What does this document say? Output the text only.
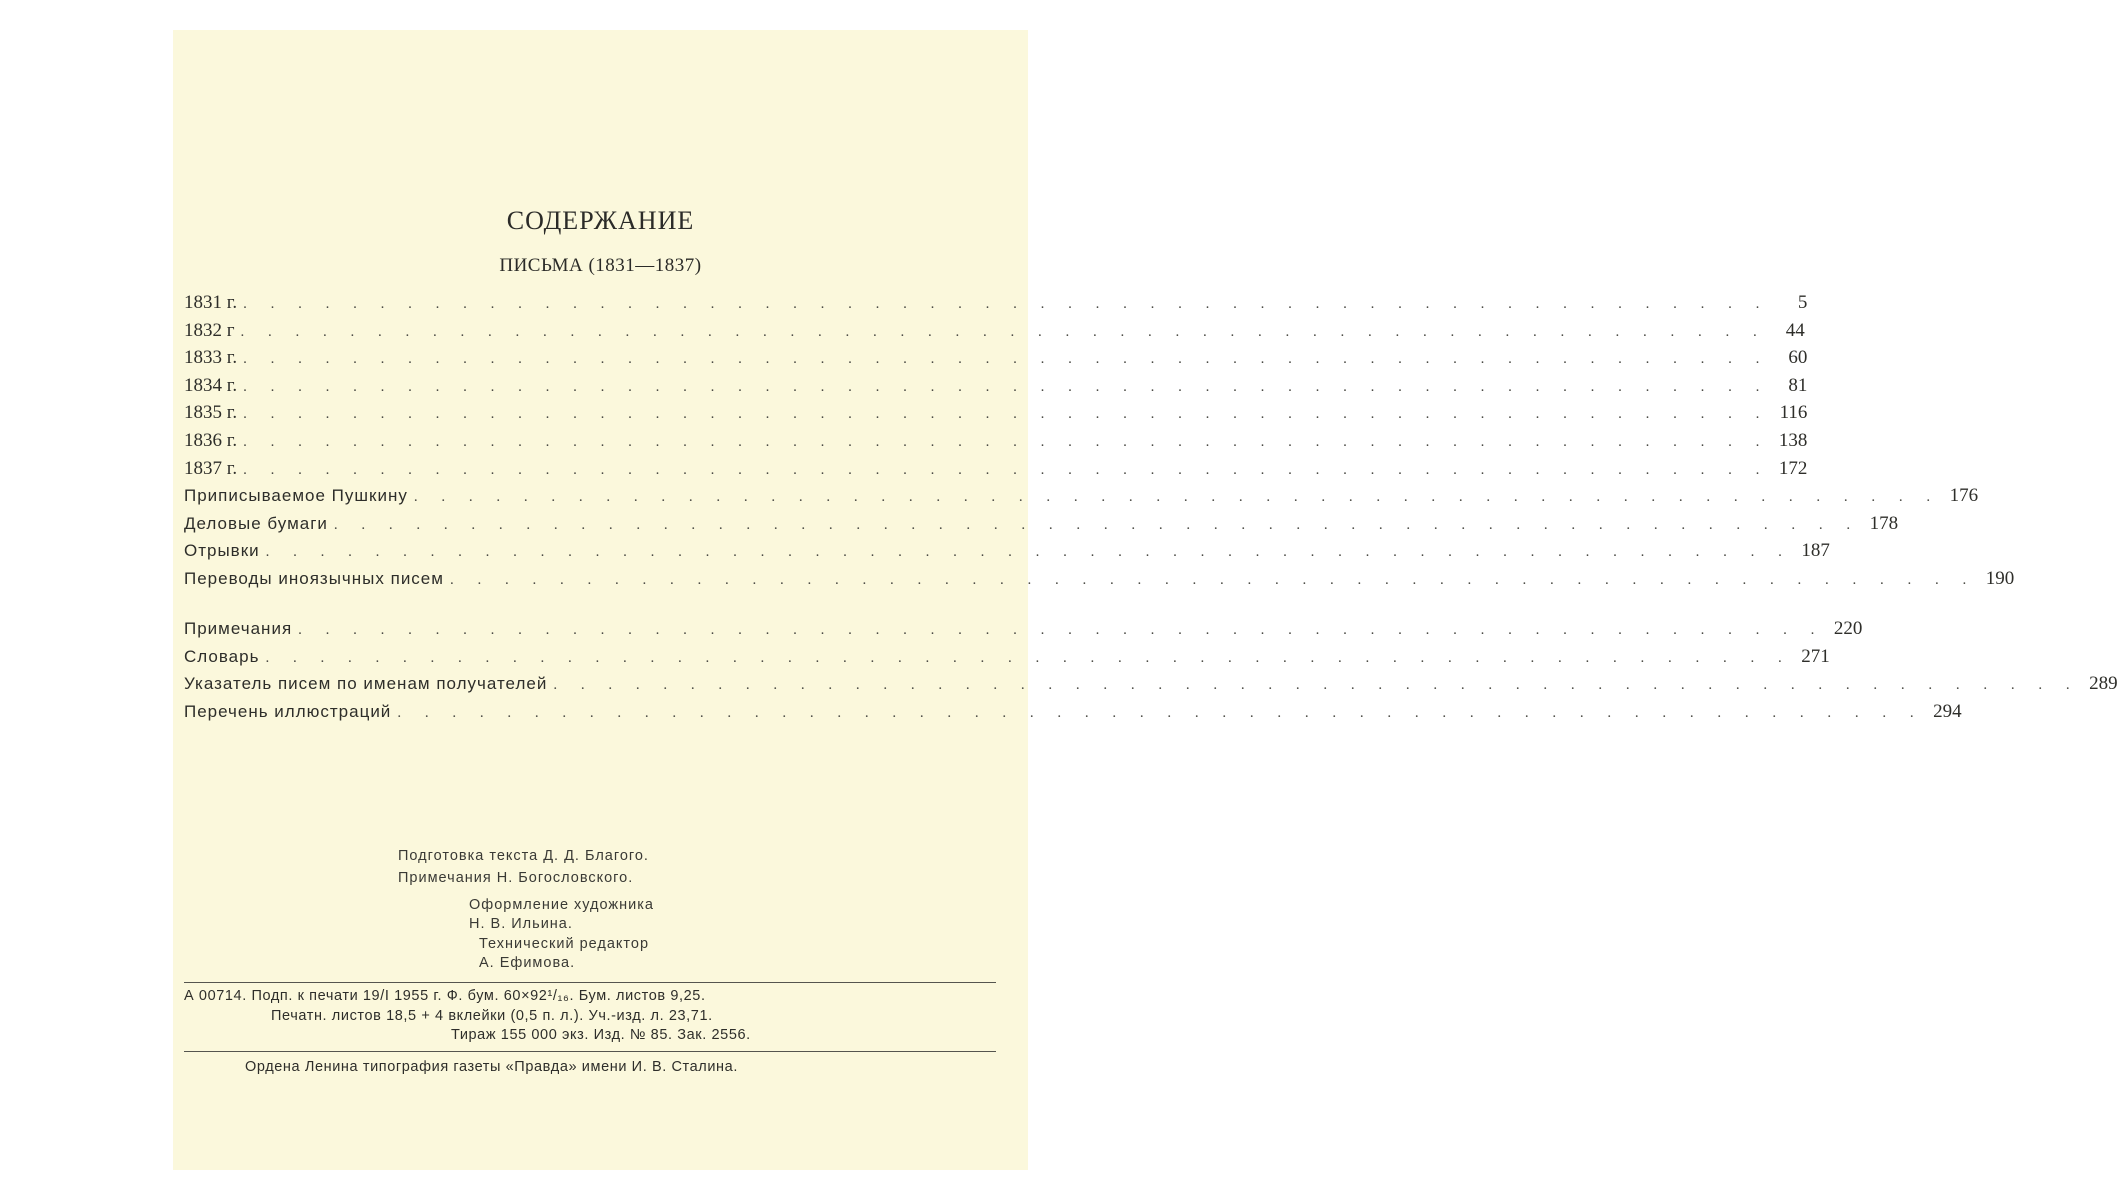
СОДЕРЖАНИЕ
ПИСЬМА (1831—1837)
1831 г. . . . . . . . . . . . . . . . . . . . . . . . . . . . . . . . . . . . . . . . . . . . . . . . . . . . . . . . .	5
1832 г . . . . . . . . . . . . . . . . . . . . . . . . . . . . . . . . . . . . . . . . . . . . . . . . . . . . . . . .	44
1833 г. . . . . . . . . . . . . . . . . . . . . . . . . . . . . . . . . . . . . . . . . . . . . . . . . . . . . . . . .	60
1834 г. . . . . . . . . . . . . . . . . . . . . . . . . . . . . . . . . . . . . . . . . . . . . . . . . . . . . . . . .	81
1835 г. . . . . . . . . . . . . . . . . . . . . . . . . . . . . . . . . . . . . . . . . . . . . . . . . . . . . . . . . 116
1836 г. . . . . . . . . . . . . . . . . . . . . . . . . . . . . . . . . . . . . . . . . . . . . . . . . . . . . . . . . 138
1837 г. . . . . . . . . . . . . . . . . . . . . . . . . . . . . . . . . . . . . . . . . . . . . . . . . . . . . . . . . 172
Приписываемое Пушкину . . . . . . . . . . . . . . . . . . . . . . . . . . . . . . . . . . . . . . . . . . . . . . . . . . . . . . . . 176
Деловые бумаги . . . . . . . . . . . . . . . . . . . . . . . . . . . . . . . . . . . . . . . . . . . . . . . . . . . . . . . . 178
Отрывки . . . . . . . . . . . . . . . . . . . . . . . . . . . . . . . . . . . . . . . . . . . . . . . . . . . . . . . . 187
Переводы иноязычных писем . . . . . . . . . . . . . . . . . . . . . . . . . . . . . . . . . . . . . . . . . . . . . . . . . . . . . . . . 190
Примечания . . . . . . . . . . . . . . . . . . . . . . . . . . . . . . . . . . . . . . . . . . . . . . . . . . . . . . . . 220
Словарь . . . . . . . . . . . . . . . . . . . . . . . . . . . . . . . . . . . . . . . . . . . . . . . . . . . . . . . . 271
Указатель писем по именам получателей . . . . . . . . . . . . . . . . . . . . . . . . . . . . . . . . . . . . . . . . . . . . . . . . . . . . . . . . 289
Перечень иллюстраций . . . . . . . . . . . . . . . . . . . . . . . . . . . . . . . . . . . . . . . . . . . . . . . . . . . . . . . . 294
Подготовка текста Д. Д. Благого.
Примечания Н. Богословского.
Оформление художника
Н. В. Ильина.
Технический редактор
А. Ефимова.
А 00714. Подп. к печати 19/I 1955 г. Ф. бум. 60×92¹/₁₆. Бум. листов 9,25.
Печатн. листов 18,5 + 4 вклейки (0,5 п. л.). Уч.-изд. л. 23,71.
Тираж 155 000 экз. Изд. № 85. Зак. 2556.
Ордена Ленина типография газеты «Правда» имени И. В. Сталина.
